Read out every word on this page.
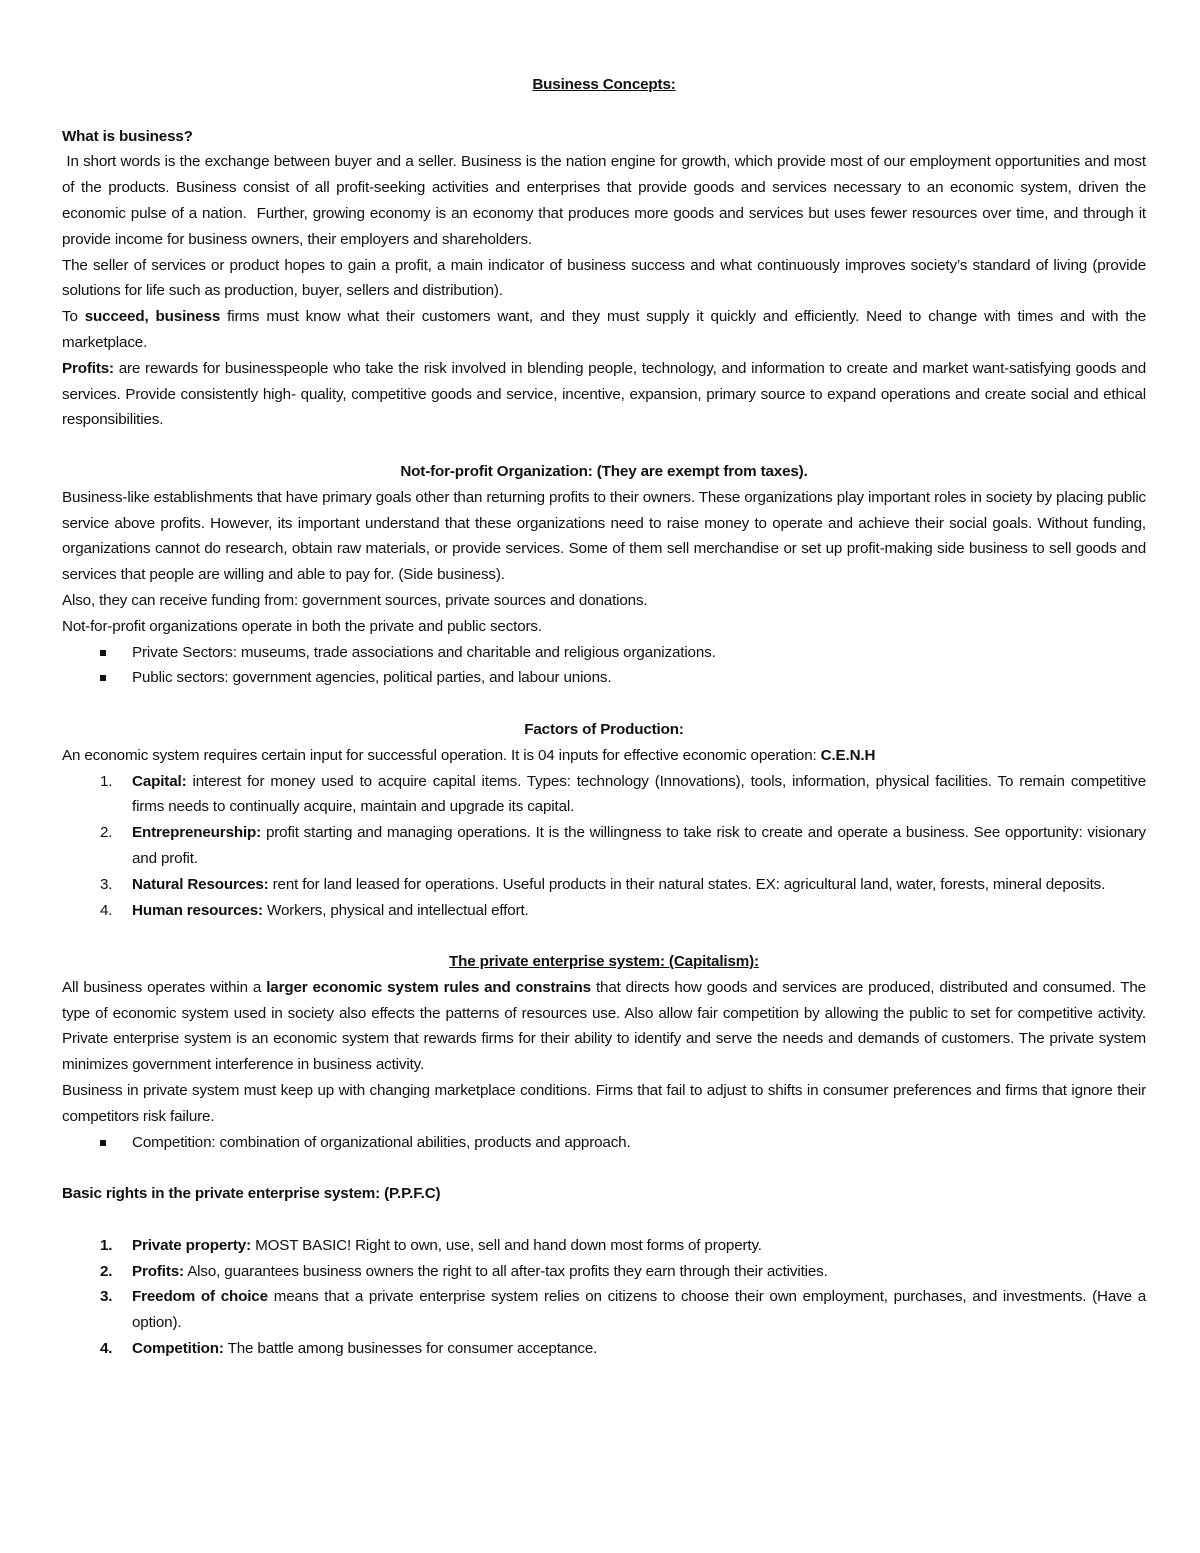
Business Concepts:

What is business?

In short words is the exchange between buyer and a seller. Business is the nation engine for growth, which provide most of our employment opportunities and most of the products. Business consist of all profit-seeking activities and enterprises that provide goods and services necessary to an economic system, driven the economic pulse of a nation.  Further, growing economy is an economy that produces more goods and services but uses fewer resources over time, and through it provide income for business owners, their employers and shareholders.

The seller of services or product hopes to gain a profit, a main indicator of business success and what continuously improves society’s standard of living (provide solutions for life such as production, buyer, sellers and distribution).

To succeed, business firms must know what their customers want, and they must supply it quickly and efficiently. Need to change with times and with the marketplace.

Profits: are rewards for businesspeople who take the risk involved in blending people, technology, and information to create and market want-satisfying goods and services. Provide consistently high- quality, competitive goods and service, incentive, expansion, primary source to expand operations and create social and ethical responsibilities.

Not-for-profit Organization: (They are exempt from taxes).

Business-like establishments that have primary goals other than returning profits to their owners. These organizations play important roles in society by placing public service above profits. However, its important understand that these organizations need to raise money to operate and achieve their social goals. Without funding, organizations cannot do research, obtain raw materials, or provide services. Some of them sell merchandise or set up profit-making side business to sell goods and services that people are willing and able to pay for. (Side business).

Also, they can receive funding from: government sources, private sources and donations.

Not-for-profit organizations operate in both the private and public sectors.

Private Sectors: museums, trade associations and charitable and religious organizations.
Public sectors: government agencies, political parties, and labour unions.

Factors of Production:

An economic system requires certain input for successful operation. It is 04 inputs for effective economic operation: C.E.N.H

1. Capital: interest for money used to acquire capital items. Types: technology (Innovations), tools, information, physical facilities. To remain competitive firms needs to continually acquire, maintain and upgrade its capital.
2. Entrepreneurship: profit starting and managing operations. It is the willingness to take risk to create and operate a business. See opportunity: visionary and profit.
3. Natural Resources: rent for land leased for operations. Useful products in their natural states. EX: agricultural land, water, forests, mineral deposits.
4. Human resources: Workers, physical and intellectual effort.

The private enterprise system: (Capitalism):

All business operates within a larger economic system rules and constrains that directs how goods and services are produced, distributed and consumed. The type of economic system used in society also effects the patterns of resources use. Also allow fair competition by allowing the public to set for competitive activity. Private enterprise system is an economic system that rewards firms for their ability to identify and serve the needs and demands of customers. The private system minimizes government interference in business activity.

Business in private system must keep up with changing marketplace conditions. Firms that fail to adjust to shifts in consumer preferences and firms that ignore their competitors risk failure.

Competition: combination of organizational abilities, products and approach.

Basic rights in the private enterprise system: (P.P.F.C)

1. Private property: MOST BASIC! Right to own, use, sell and hand down most forms of property.
2. Profits: Also, guarantees business owners the right to all after-tax profits they earn through their activities.
3. Freedom of choice means that a private enterprise system relies on citizens to choose their own employment, purchases, and investments. (Have a option).
4. Competition: The battle among businesses for consumer acceptance.
